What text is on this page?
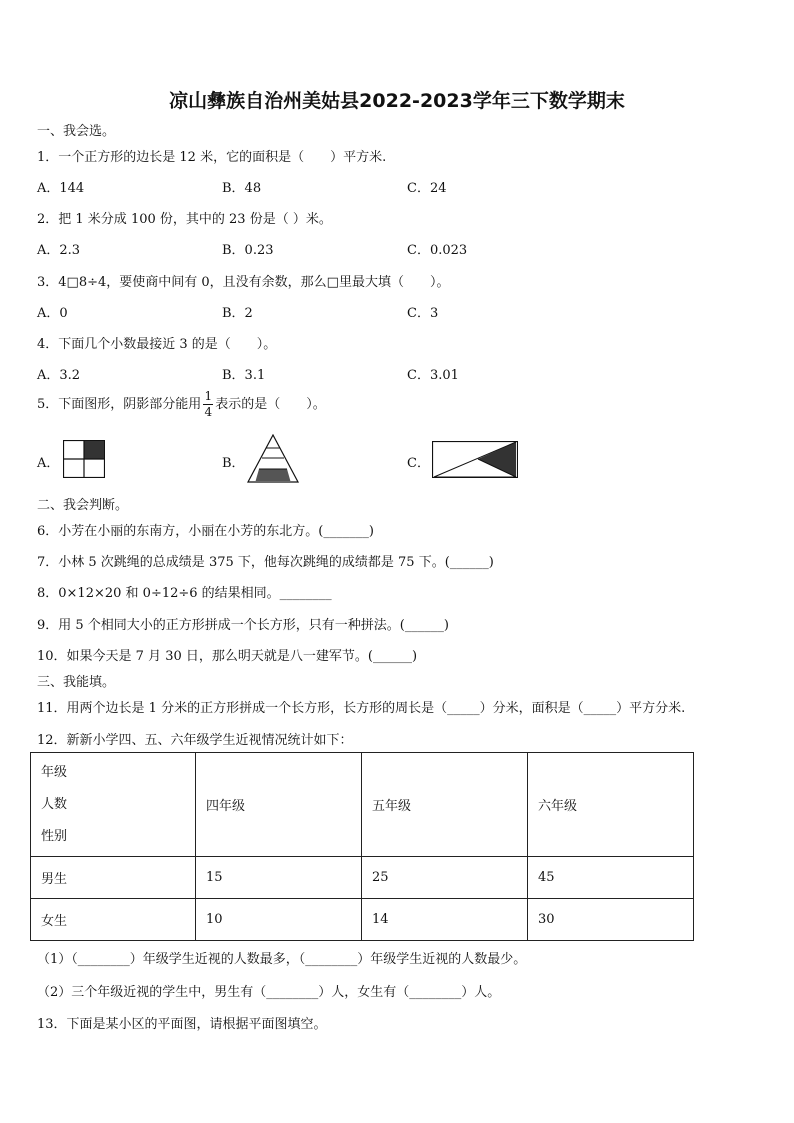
凉山彝族自治州美姑县2022-2023学年三下数学期末
一、我会选。
1．一个正方形的边长是 12 米，它的面积是（　　）平方米.
A．144	B．48	C．24
2．把 1 米分成 100 份，其中的 23 份是（ ）米。
A．2.3	B．0.23	C．0.023
3．4□8÷4，要使商中间有 0，且没有余数，那么□里最大填（　　）。
A．0	B．2	C．3
4．下面几个小数最接近 3 的是（　　）。
A．3.2	B．3.1	C．3.01
5．下面图形，阴影部分能用 $\frac{1}{4}$ 表示的是（　　）。
A．	B．	C．
二、我会判断。
6．小芳在小丽的东南方，小丽在小芳的东北方。(_______)
7．小林 5 次跳绳的总成绩是 375 下，他每次跳绳的成绩都是 75 下。(______)
8．0×12×20 和 0÷12÷6 的结果相同。________
9．用 5 个相同大小的正方形拼成一个长方形，只有一种拼法。(______)
10．如果今天是 7 月 30 日，那么明天就是八一建军节。(______)
三、我能填。
11．用两个边长是 1 分米的正方形拼成一个长方形，长方形的周长是（_____）分米，面积是（_____）平方分米.
12．新新小学四、五、六年级学生近视情况统计如下：
年级
人数
性别	四年级	五年级	六年级
男生	15	25	45
女生	10	14	30
（1）（________）年级学生近视的人数最多，（________）年级学生近视的人数最少。
（2）三个年级近视的学生中，男生有（________）人，女生有（________）人。
13．下面是某小区的平面图，请根据平面图填空。
